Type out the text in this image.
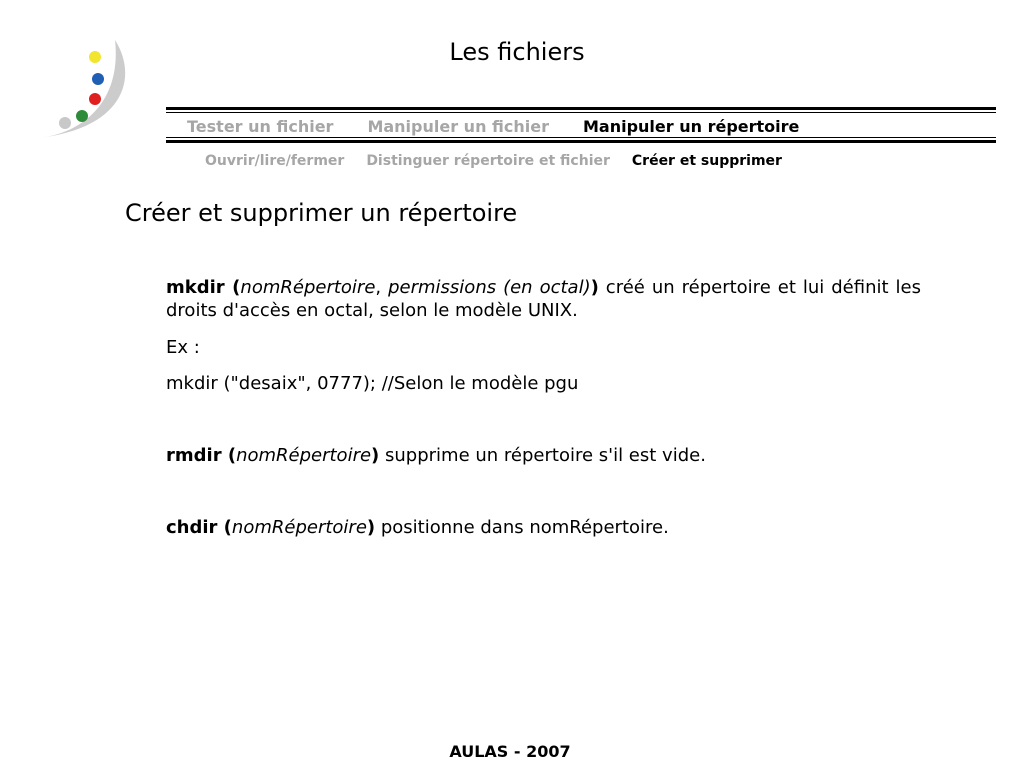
Les fichiers
Tester un fichier Manipuler un fichier Manipuler un répertoire
Ouvrir/lire/fermer Distinguer répertoire et fichier Créer et supprimer
Créer et supprimer un répertoire

mkdir (nomRépertoire, permissions (en octal)) créé un répertoire et lui définit les droits d'accès en octal, selon le modèle UNIX.

Ex :

mkdir ("desaix", 0777); //Selon le modèle pgu

rmdir (nomRépertoire) supprime un répertoire s'il est vide.

chdir (nomRépertoire) positionne dans nomRépertoire.

AULAS - 2007
